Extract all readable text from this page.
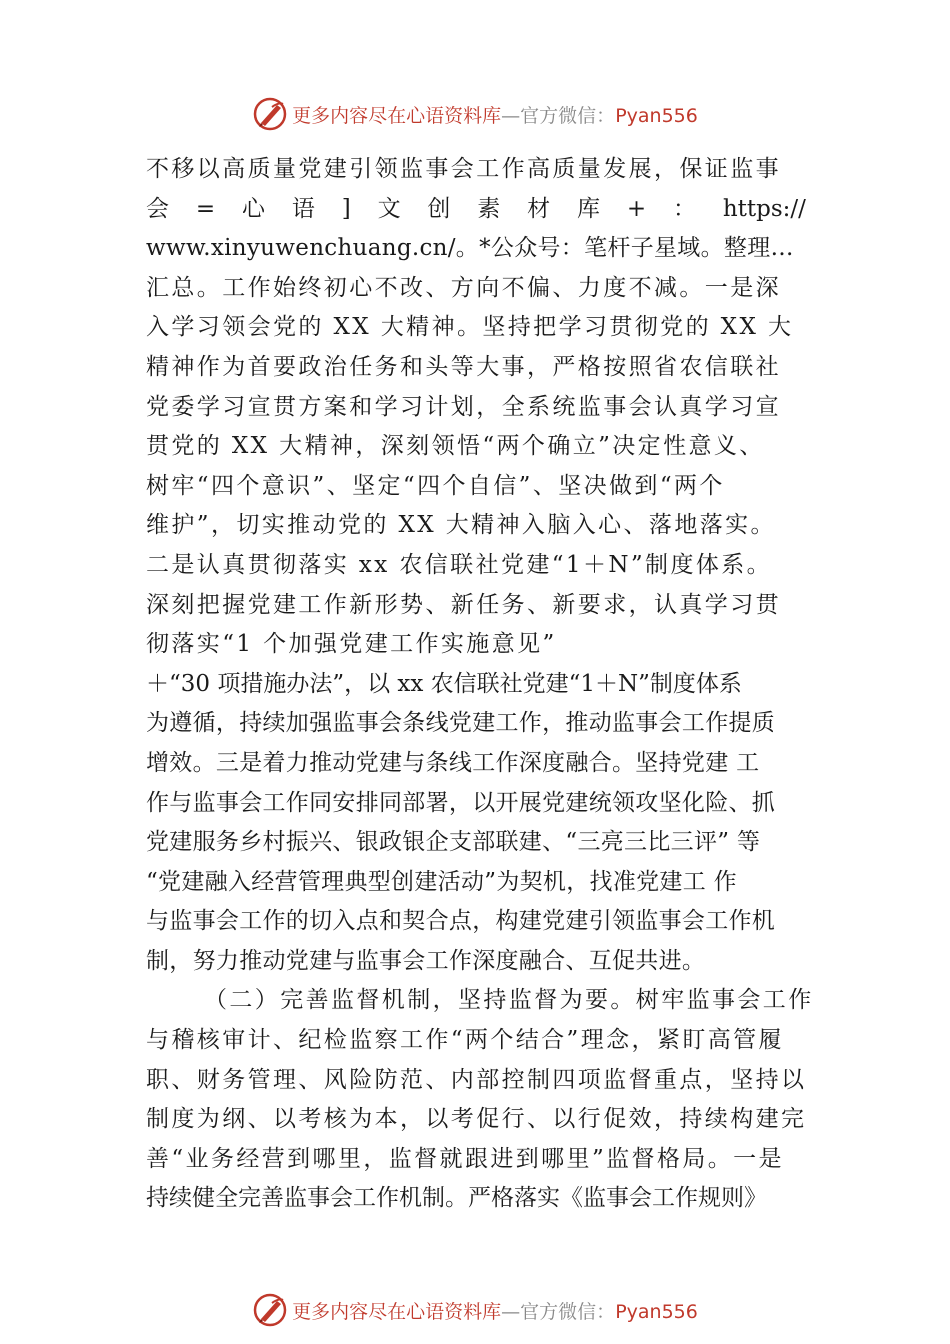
更多内容尽在心语资料库—官方微信：Pyan556
不移以高质量党建引领监事会工作高质量发展，保证监事
会 = 心 语 ] 文 创 素 材 库 + ： https://
www.xinyuwenchuang.cn/。*公众号：笔杆子星域。整理…
汇总。工作始终初心不改、方向不偏、力度不减。一是深
入学习领会党的 XX 大精神。坚持把学习贯彻党的 XX 大
精神作为首要政治任务和头等大事，严格按照省农信联社
党委学习宣贯方案和学习计划，全系统监事会认真学习宣
贯党的 XX 大精神，深刻领悟“两个确立”决定性意义、
树牢“四个意识”、坚定“四个自信”、坚决做到“两个
维护”，切实推动党的 XX 大精神入脑入心、落地落实。
二是认真贯彻落实 xx 农信联社党建“1＋N”制度体系。
深刻把握党建工作新形势、新任务、新要求，认真学习贯
彻落实“1 个加强党建工作实施意见”
＋“30 项措施办法”，以 xx 农信联社党建“1＋N”制度体系
为遵循，持续加强监事会条线党建工作，推动监事会工作提质
增效。三是着力推动党建与条线工作深度融合。坚持党建 工
作与监事会工作同安排同部署，以开展党建统领攻坚化险、抓
党建服务乡村振兴、银政银企支部联建、“三亮三比三评” 等
“党建融入经营管理典型创建活动”为契机，找准党建工 作
与监事会工作的切入点和契合点，构建党建引领监事会工作机
制，努力推动党建与监事会工作深度融合、互促共进。
（二）完善监督机制，坚持监督为要。树牢监事会工作
与稽核审计、纪检监察工作“两个结合”理念，紧盯高管履
职、财务管理、风险防范、内部控制四项监督重点，坚持以
制度为纲、以考核为本，以考促行、以行促效，持续构建完
善“业务经营到哪里，监督就跟进到哪里”监督格局。一是
持续健全完善监事会工作机制。严格落实《监事会工作规则》
更多内容尽在心语资料库—官方微信：Pyan556
